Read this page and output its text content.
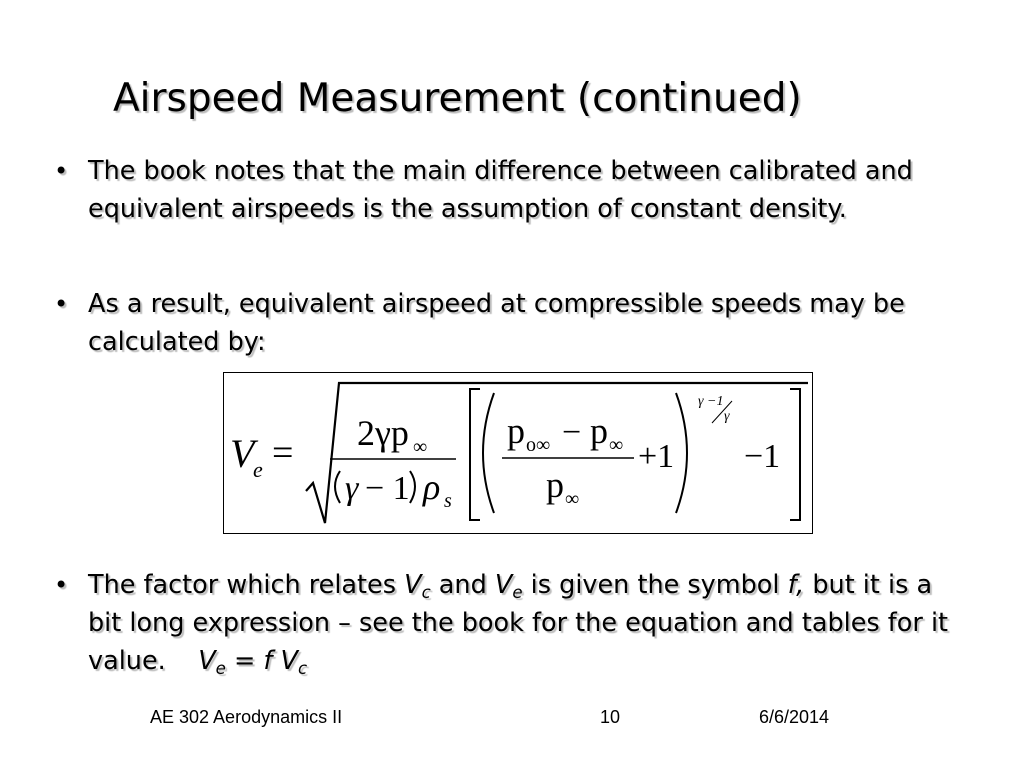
Airspeed Measurement (continued)
• The book notes that the main difference between calibrated and equivalent airspeeds is the assumption of constant density.
• As a result, equivalent airspeed at compressible speeds may be calculated by:
V
e = 2γp ∞
γ − 1 ρ s
p o∞ − p ∞
p ∞
+1
γ −1
γ
−1
• The factor which relates $V_c$ and $V_e$ is given the symbol f, but it is a bit long expression – see the book for the equation and tables for it value. $V_e = f$ $V_c$
AE 302 Aerodynamics II	10	6/6/2014
